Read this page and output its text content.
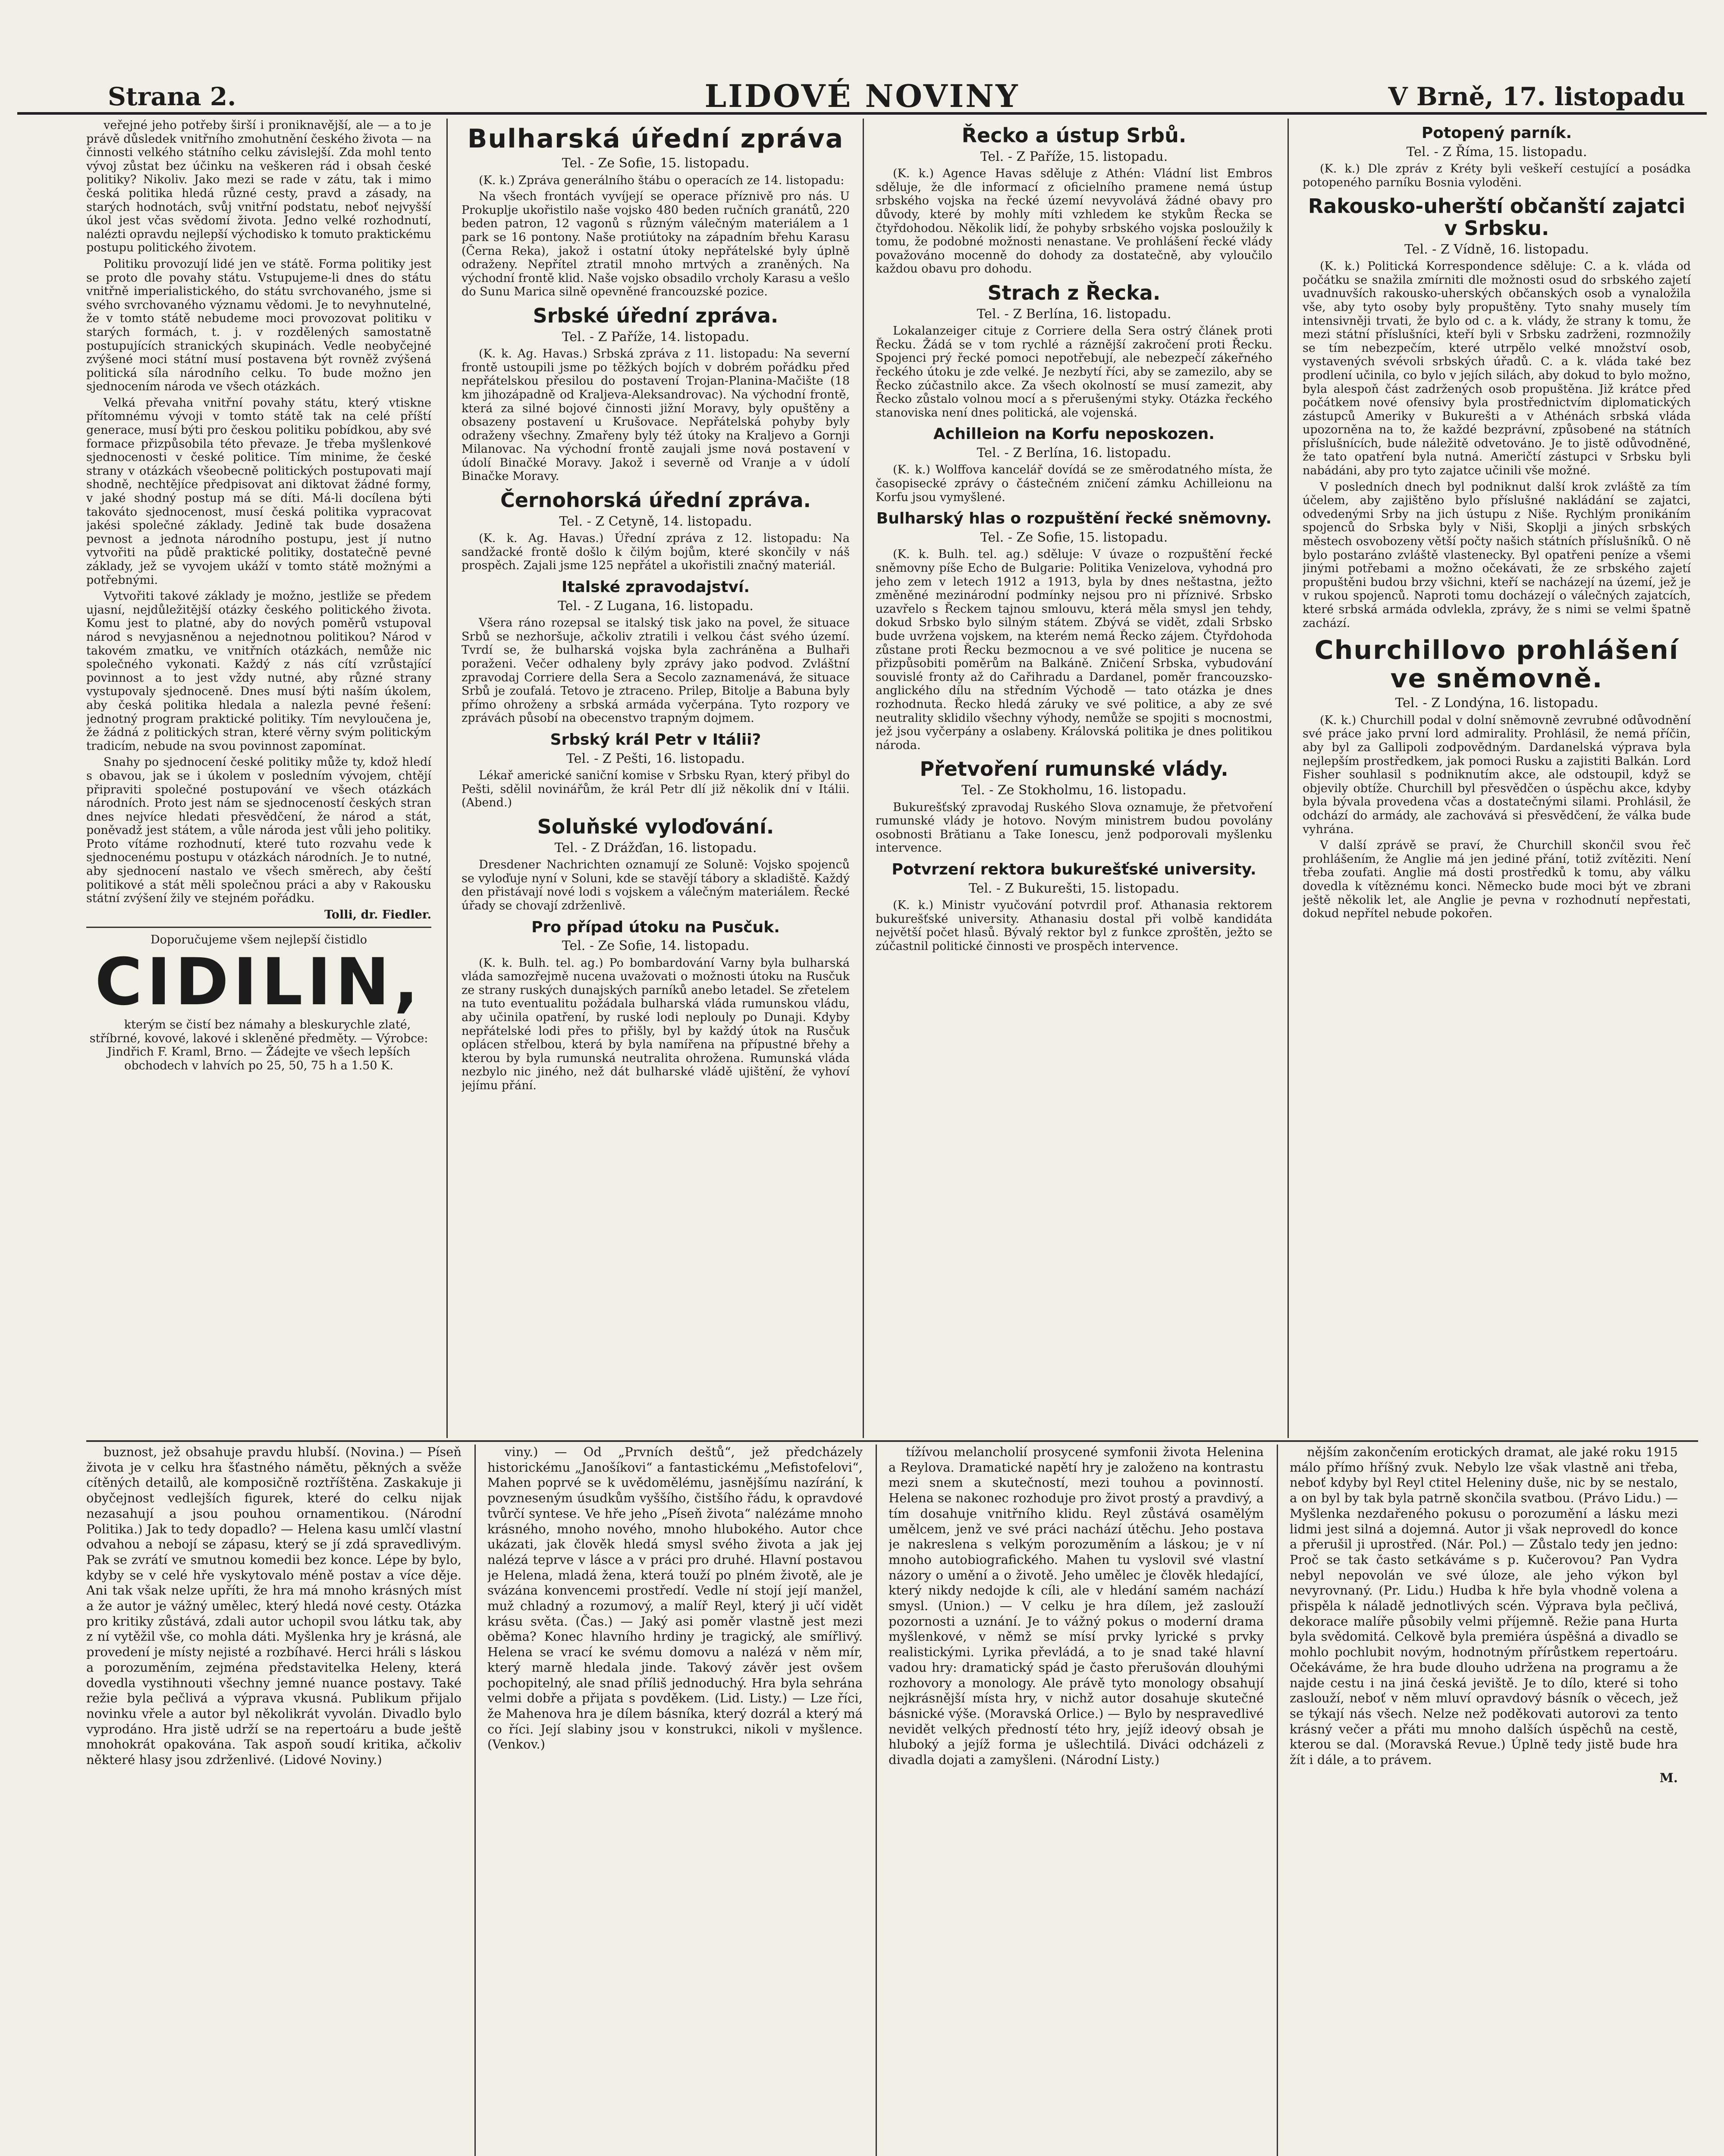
Strana 2.	LIDOVÉ NOVINY	V Brně, 17. listopadu

veřejné jeho potřeby širší i proniknavější, ale — a to je právě důsledek vnitřního zmohutnění českého života — na činnosti velkého státního celku závislejší. Zda mohl tento vývoj zůstat bez účinku na veškeren rád i obsah české politiky? Nikoliv. Jako mezi se rade v zátu, tak i mimo česká politika hledá různé cesty, pravd a zásady, na starých hodnotách, svůj vnitřní podstatu, neboť nejvyšší úkol jest včas svědomí života. Jedno velké rozhodnutí, nalézti opravdu nejlepší východisko k tomuto praktickému postupu politického životem.

Politiku provozují lidé jen ve státě. Forma politiky jest se proto dle povahy státu. Vstupujeme-li dnes do státu vnitřně imperialistického, do státu svrchovaného, jsme si svého svrchovaného významu vědomi. Je to nevyhnutelné, že v tomto státě nebudeme moci provozovat politiku v starých formách, t. j. v rozdělených samostatně postupujících stranických skupinách. Vedle neobyčejné zvýšené moci státní musí postavena být rovněž zvýšená politická síla národního celku. To bude možno jen sjednocením národa ve všech otázkách.

Velká převaha vnitřní povahy státu, který vtiskne přítomnému vývoji v tomto státě tak na celé příští generace, musí býti pro českou politiku pobídkou, aby své formace přizpůsobila této převaze. Je třeba myšlenkové sjednocenosti v české politice. Tím minime, že české strany v otázkách všeobecně politických postupovati mají shodně, nechtějíce předpisovat ani diktovat žádné formy, v jaké shodný postup má se díti. Má-li docílena býti takováto sjednocenost, musí česká politika vypracovat jakési společné základy. Jedině tak bude dosažena pevnost a jednota národního postupu, jest jí nutno vytvořiti na půdě praktické politiky, dostatečně pevné základy, jež se vyvojem ukáží v tomto státě možnými a potřebnými.

Vytvořiti takové základy je možno, jestliže se předem ujasní, nejdůležitější otázky českého politického života. Komu jest to platné, aby do nových poměrů vstupoval národ s nevyjasněnou a nejednotnou politikou? Národ v takovém zmatku, ve vnitřních otázkách, nemůže nic společného vykonati. Každý z nás cítí vzrůstající povinnost a to jest vždy nutné, aby různé strany vystupovaly sjednoceně. Dnes musí býti naším úkolem, aby česká politika hledala a nalezla pevné řešení: jednotný program praktické politiky. Tím nevyloučena je, že žádná z politických stran, které věrny svým politickým tradicím, nebude na svou povinnost zapomínat.

Snahy po sjednocení české politiky může ty, kdož hledí s obavou, jak se i úkolem v posledním vývojem, chtějí připraviti společné postupování ve všech otázkách národních. Proto jest nám se sjednoceností českých stran dnes nejvíce hledati přesvědčení, že národ a stát, poněvadž jest státem, a vůle národa jest vůli jeho politiky. Proto vítáme rozhodnutí, které tuto rozvahu vede k sjednocenému postupu v otázkách národních. Je to nutné, aby sjednocení nastalo ve všech směrech, aby čeští politikové a stát měli společnou práci a aby v Rakousku státní zvýšení žily ve stejném pořádku.

Tolli, dr. Fiedler.
Doporučujeme všem nejlepší čistidlo
CIDILIN,

kterým se čistí bez námahy a bleskurychle zlaté, stříbrné, kovové, lakové i skleněné předměty. — Výrobce: Jindřich F. Kraml, Brno. — Žádejte ve všech lepších obchodech v lahvích po 25, 50, 75 h a 1.50 K.

Bulharská úřední zpráva
Tel. - Ze Sofie, 15. listopadu.

(K. k.) Zpráva generálního štábu o operacích ze 14. listopadu:

Na všech frontách vyvíjejí se operace příznivě pro nás. U Prokuplje ukořistilo naše vojsko 480 beden ručních granátů, 220 beden patron, 12 vagonů s různým válečným materiálem a 1 park se 16 pontony. Naše protiútoky na západním břehu Karasu (Černa Reka), jakož i ostatní útoky nepřátelské byly úplně odraženy. Nepřítel ztratil mnoho mrtvých a zraněných. Na východní frontě klid. Naše vojsko obsadilo vrcholy Karasu a vešlo do Sunu Marica silně opevněné francouzské pozice.

Srbské úřední zpráva.
Tel. - Z Paříže, 14. listopadu.

(K. k. Ag. Havas.) Srbská zpráva z 11. listopadu: Na severní frontě ustoupili jsme po těžkých bojích v dobrém pořádku před nepřátelskou přesilou do postavení Trojan-Planina-Mačište (18 km jihozápadně od Kraljeva-Aleksandrovac). Na východní frontě, která za silné bojové činnosti jižní Moravy, byly opuštěny a obsazeny postavení u Krušovace. Nepřátelská pohyby byly odraženy všechny. Zmařeny byly též útoky na Kraljevo a Gornji Milanovac. Na východní frontě zaujali jsme nová postavení v údolí Binačké Moravy. Jakož i severně od Vranje a v údolí Binačke Moravy.

Černohorská úřední zpráva.
Tel. - Z Cetyně, 14. listopadu.

(K. k. Ag. Havas.) Úřední zpráva z 12. listopadu: Na sandžacké frontě došlo k čilým bojům, které skončily v náš prospěch. Zajali jsme 125 nepřátel a ukořistili značný materiál.

Italské zpravodajství.
Tel. - Z Lugana, 16. listopadu.

Všera ráno rozepsal se italský tisk jako na povel, že situace Srbů se nezhoršuje, ačkoliv ztratili i velkou část svého území. Tvrdí se, že bulharská vojska byla zachráněna a Bulhaři poraženi. Večer odhaleny byly zprávy jako podvod. Zvláštní zpravodaj Corriere della Sera a Secolo zaznamenává, že situace Srbů je zoufalá. Tetovo je ztraceno. Prilep, Bitolje a Babuna byly přímo ohroženy a srbská armáda vyčerpána. Tyto rozpory ve zprávách působí na obecenstvo trapným dojmem.

Srbský král Petr v Itálii?
Tel. - Z Pešti, 16. listopadu.

Lékař americké saniční komise v Srbsku Ryan, který přibyl do Pešti, sdělil novinářům, že král Petr dlí již několik dní v Itálii. (Abend.)

Soluňské vyloďování.
Tel. - Z Drážďan, 16. listopadu.

Dresdener Nachrichten oznamují ze Soluně: Vojsko spojenců se vyloďuje nyní v Soluni, kde se stavějí tábory a skladiště. Každý den přistávají nové lodi s vojskem a válečným materiálem. Řecké úřady se chovají zdrženlivě.

Pro případ útoku na Pusčuk.
Tel. - Ze Sofie, 14. listopadu.

(K. k. Bulh. tel. ag.) Po bombardování Varny byla bulharská vláda samozřejmě nucena uvažovati o možnosti útoku na Rusčuk ze strany ruských dunajských parníků anebo letadel. Se zřetelem na tuto eventualitu požádala bulharská vláda rumunskou vládu, aby učinila opatření, by ruské lodi neplouly po Dunaji. Kdyby nepřátelské lodi přes to přišly, byl by každý útok na Rusčuk oplácen střelbou, která by byla namířena na přípustné břehy a kterou by byla rumunská neutralita ohrožena. Rumunská vláda nezbylo nic jiného, než dát bulharské vládě ujištění, že vyhoví jejímu přání.

Řecko a ústup Srbů.
Tel. - Z Paříže, 15. listopadu.

(K. k.) Agence Havas sděluje z Athén: Vládní list Embros sděluje, že dle informací z oficielního pramene nemá ústup srbského vojska na řecké území nevyvolává žádné obavy pro důvody, které by mohly míti vzhledem ke stykům Řecka se čtyřdohodou. Několik lidí, že pohyby srbského vojska posloužily k tomu, že podobné možnosti nenastane. Ve prohlášení řecké vlády považováno mocenně do dohody za dostatečně, aby vyloučilo každou obavu pro dohodu.

Strach z Řecka.
Tel. - Z Berlína, 16. listopadu.

Lokalanzeiger cituje z Corriere della Sera ostrý článek proti Řecku. Žádá se v tom rychlé a ráznější zakročení proti Řecku. Spojenci prý řecké pomoci nepotřebují, ale nebezpečí zákeřného řeckého útoku je zde velké. Je nezbytí říci, aby se zamezilo, aby se Řecko zúčastnilo akce. Za všech okolností se musí zamezit, aby Řecko zůstalo volnou mocí a s přerušenými styky. Otázka řeckého stanoviska není dnes politická, ale vojenská.

Achilleion na Korfu neposkozen.
Tel. - Z Berlína, 16. listopadu.

(K. k.) Wolffova kancelář dovídá se ze směrodatného místa, že časopisecké zprávy o částečném zničení zámku Achilleionu na Korfu jsou vymyšlené.

Bulharský hlas o rozpuštění řecké sněmovny.
Tel. - Ze Sofie, 15. listopadu.

(K. k. Bulh. tel. ag.) sděluje: V úvaze o rozpuštění řecké sněmovny píše Echo de Bulgarie: Politika Venizelova, vyhodná pro jeho zem v letech 1912 a 1913, byla by dnes neštastna, ježto změněné mezinárodní podmínky nejsou pro ni příznivé. Srbsko uzavřelo s Řeckem tajnou smlouvu, která měla smysl jen tehdy, dokud Srbsko bylo silným státem. Zbývá se vidět, zdali Srbsko bude uvržena vojskem, na kterém nemá Řecko zájem. Čtyřdohoda zůstane proti Řecku bezmocnou a ve své politice je nucena se přizpůsobiti poměrům na Balkáně. Zničení Srbska, vybudování souvislé fronty až do Cařihradu a Dardanel, poměr francouzsko-anglického dílu na středním Východě — tato otázka je dnes rozhodnuta. Řecko hledá záruky ve své politice, a aby ze své neutrality sklidilo všechny výhody, nemůže se spojiti s mocnostmi, jež jsou vyčerpány a oslabeny. Královská politika je dnes politikou národa.

Přetvoření rumunské vlády.
Tel. - Ze Stokholmu, 16. listopadu.

Bukurešťský zpravodaj Ruského Slova oznamuje, že přetvoření rumunské vlády je hotovo. Novým ministrem budou povolány osobnosti Brătianu a Take Ionescu, jenž podporovali myšlenku intervence.

Potvrzení rektora bukurešťské university.
Tel. - Z Bukurešti, 15. listopadu.

(K. k.) Ministr vyučování potvrdil prof. Athanasia rektorem bukurešťské university. Athanasiu dostal při volbě kandidáta největší počet hlasů. Bývalý rektor byl z funkce zproštěn, ježto se zúčastnil politické činnosti ve prospěch intervence.

Potopený parník.
Tel. - Z Říma, 15. listopadu.

(K. k.) Dle zpráv z Kréty byli veškeří cestující a posádka potopeného parníku Bosnia vyloděni.

Rakousko-uherští občanští zajatci v Srbsku.
Tel. - Z Vídně, 16. listopadu.

(K. k.) Politická Korrespondence sděluje: C. a k. vláda od počátku se snažila zmírniti dle možnosti osud do srbského zajetí uvadnuvších rakousko-uherských občanských osob a vynaložila vše, aby tyto osoby byly propuštěny. Tyto snahy musely tím intensivněji trvati, že bylo od c. a k. vlády, že strany k tomu, že mezi státní příslušníci, kteří byli v Srbsku zadrženi, rozmnožily se tím nebezpečím, které utrpělo velké množství osob, vystavených svévoli srbských úřadů. C. a k. vláda také bez prodlení učinila, co bylo v jejích silách, aby dokud to bylo možno, byla alespoň část zadržených osob propuštěna. Již krátce před počátkem nové ofensivy byla prostřednictvím diplomatických zástupců Ameriky v Bukurešti a v Athénách srbská vláda upozorněna na to, že každé bezprávní, způsobené na státních příslušnících, bude náležitě odvetováno. Je to jistě odůvodněné, že tato opatření byla nutná. Američtí zástupci v Srbsku byli nabádáni, aby pro tyto zajatce učinili vše možné.

V posledních dnech byl podniknut další krok zvláště za tím účelem, aby zajištěno bylo příslušné nakládání se zajatci, odvedenými Srby na jich ústupu z Niše. Rychlým pronikáním spojenců do Srbska byly v Niši, Skoplji a jiných srbských městech osvobozeny větší počty našich státních příslušníků. O ně bylo postaráno zvláště vlastenecky. Byl opatřeni peníze a všemi jinými potřebami a možno očekávati, že ze srbského zajetí propuštěni budou brzy všichni, kteří se nacházejí na území, jež je v rukou spojenců. Naproti tomu docházejí o válečných zajatcích, které srbská armáda odvlekla, zprávy, že s nimi se velmi špatně zachází.

Churchillovo prohlášení ve sněmovně.
Tel. - Z Londýna, 16. listopadu.

(K. k.) Churchill podal v dolní sněmovně zevrubné odůvodnění své práce jako první lord admirality. Prohlásil, že nemá příčin, aby byl za Gallipoli zodpovědným. Dardanelská výprava byla nejlepším prostředkem, jak pomoci Rusku a zajistiti Balkán. Lord Fisher souhlasil s podniknutím akce, ale odstoupil, když se objevily obtíže. Churchill byl přesvědčen o úspěchu akce, kdyby byla bývala provedena včas a dostatečnými silami. Prohlásil, že odchází do armády, ale zachovává si přesvědčení, že válka bude vyhrána.

V další zprávě se praví, že Churchill skončil svou řeč prohlášením, že Anglie má jen jediné přání, totiž zvítěziti. Není třeba zoufati. Anglie má dosti prostředků k tomu, aby válku dovedla k vítěznému konci. Německo bude moci být ve zbrani ještě několik let, ale Anglie je pevna v rozhodnutí nepřestati, dokud nepřítel nebude pokořen.

buznost, jež obsahuje pravdu hlubší. (Novina.) — Píseň života je v celku hra šťastného námětu, pěkných a svěže cítěných detailů, ale komposičně roztříštěna. Zaskakuje ji obyčejnost vedlejších figurek, které do celku nijak nezasahují a jsou pouhou ornamentikou. (Národní Politika.) Jak to tedy dopadlo? — Helena kasu umlčí vlastní odvahou a nebojí se zápasu, který se jí zdá spravedlivým. Pak se zvrátí ve smutnou komedii bez konce. Lépe by bylo, kdyby se v celé hře vyskytovalo méně postav a více děje. Ani tak však nelze upříti, že hra má mnoho krásných míst a že autor je vážný umělec, který hledá nové cesty. Otázka pro kritiky zůstává, zdali autor uchopil svou látku tak, aby z ní vytěžil vše, co mohla dáti. Myšlenka hry je krásná, ale provedení je místy nejisté a rozbíhavé. Herci hráli s láskou a porozuměním, zejména představitelka Heleny, která dovedla vystihnouti všechny jemné nuance postavy. Také režie byla pečlivá a výprava vkusná. Publikum přijalo novinku vřele a autor byl několikrát vyvolán. Divadlo bylo vyprodáno. Hra jistě udrží se na repertoáru a bude ještě mnohokrát opakována. Tak aspoň soudí kritika, ačkoliv některé hlasy jsou zdrženlivé. (Lidové Noviny.)

viny.) — Od „Prvních deštů“, jež předcházely historickému „Janošíkovi“ a fantastickému „Mefistofelovi“, Mahen poprvé se k uvědomělému, jasnějšímu nazírání, k povzneseným úsudkům vyššího, čistšího řádu, k opravdové tvůrčí syntese. Ve hře jeho „Píseň života“ nalézáme mnoho krásného, mnoho nového, mnoho hlubokého. Autor chce ukázati, jak člověk hledá smysl svého života a jak jej nalézá teprve v lásce a v práci pro druhé. Hlavní postavou je Helena, mladá žena, která touží po plném životě, ale je svázána konvencemi prostředí. Vedle ní stojí její manžel, muž chladný a rozumový, a malíř Reyl, který ji učí vidět krásu světa. (Čas.) — Jaký asi poměr vlastně jest mezi oběma? Konec hlavního hrdiny je tragický, ale smířlivý. Helena se vrací ke svému domovu a nalézá v něm mír, který marně hledala jinde. Takový závěr jest ovšem pochopitelný, ale snad příliš jednoduchý. Hra byla sehrána velmi dobře a přijata s povděkem. (Lid. Listy.) — Lze říci, že Mahenova hra je dílem básníka, který dozrál a který má co říci. Její slabiny jsou v konstrukci, nikoli v myšlence. (Venkov.)

tížívou melancholií prosycené symfonii života Helenina a Reylova. Dramatické napětí hry je založeno na kontrastu mezi snem a skutečností, mezi touhou a povinností. Helena se nakonec rozhoduje pro život prostý a pravdivý, a tím dosahuje vnitřního klidu. Reyl zůstává osamělým umělcem, jenž ve své práci nachází útěchu. Jeho postava je nakreslena s velkým porozuměním a láskou; je v ní mnoho autobiografického. Mahen tu vyslovil své vlastní názory o umění a o životě. Jeho umělec je člověk hledající, který nikdy nedojde k cíli, ale v hledání samém nachází smysl. (Union.) — V celku je hra dílem, jež zaslouží pozornosti a uznání. Je to vážný pokus o moderní drama myšlenkové, v němž se mísí prvky lyrické s prvky realistickými. Lyrika převládá, a to je snad také hlavní vadou hry: dramatický spád je často přerušován dlouhými rozhovory a monology. Ale právě tyto monology obsahují nejkrásnější místa hry, v nichž autor dosahuje skutečné básnické výše. (Moravská Orlice.) — Bylo by nespravedlivé nevidět velkých předností této hry, jejíž ideový obsah je hluboký a jejíž forma je ušlechtilá. Diváci odcházeli z divadla dojati a zamyšleni. (Národní Listy.)

nějším zakončením erotických dramat, ale jaké roku 1915 málo přímo hříšný zvuk. Nebylo lze však vlastně ani třeba, neboť kdyby byl Reyl ctitel Heleniny duše, nic by se nestalo, a on byl by tak byla patrně skončila svatbou. (Právo Lidu.) — Myšlenka nezdařeného pokusu o porozumění a lásku mezi lidmi jest silná a dojemná. Autor ji však neprovedl do konce a přerušil ji uprostřed. (Nár. Pol.) — Zůstalo tedy jen jedno: Proč se tak často setkáváme s p. Kučerovou? Pan Vydra nebyl nepovolán ve své úloze, ale jeho výkon byl nevyrovnaný. (Pr. Lidu.) Hudba k hře byla vhodně volena a přispěla k náladě jednotlivých scén. Výprava byla pečlivá, dekorace malíře působily velmi příjemně. Režie pana Hurta byla svědomitá. Celkově byla premiéra úspěšná a divadlo se mohlo pochlubit novým, hodnotným přírůstkem repertoáru. Očekáváme, že hra bude dlouho udržena na programu a že najde cestu i na jiná česká jeviště. Je to dílo, které si toho zaslouží, neboť v něm mluví opravdový básník o věcech, jež se týkají nás všech. Nelze než poděkovati autorovi za tento krásný večer a přáti mu mnoho dalších úspěchů na cestě, kterou se dal. (Moravská Revue.) Úplně tedy jistě bude hra žít i dále, a to právem.

M.
